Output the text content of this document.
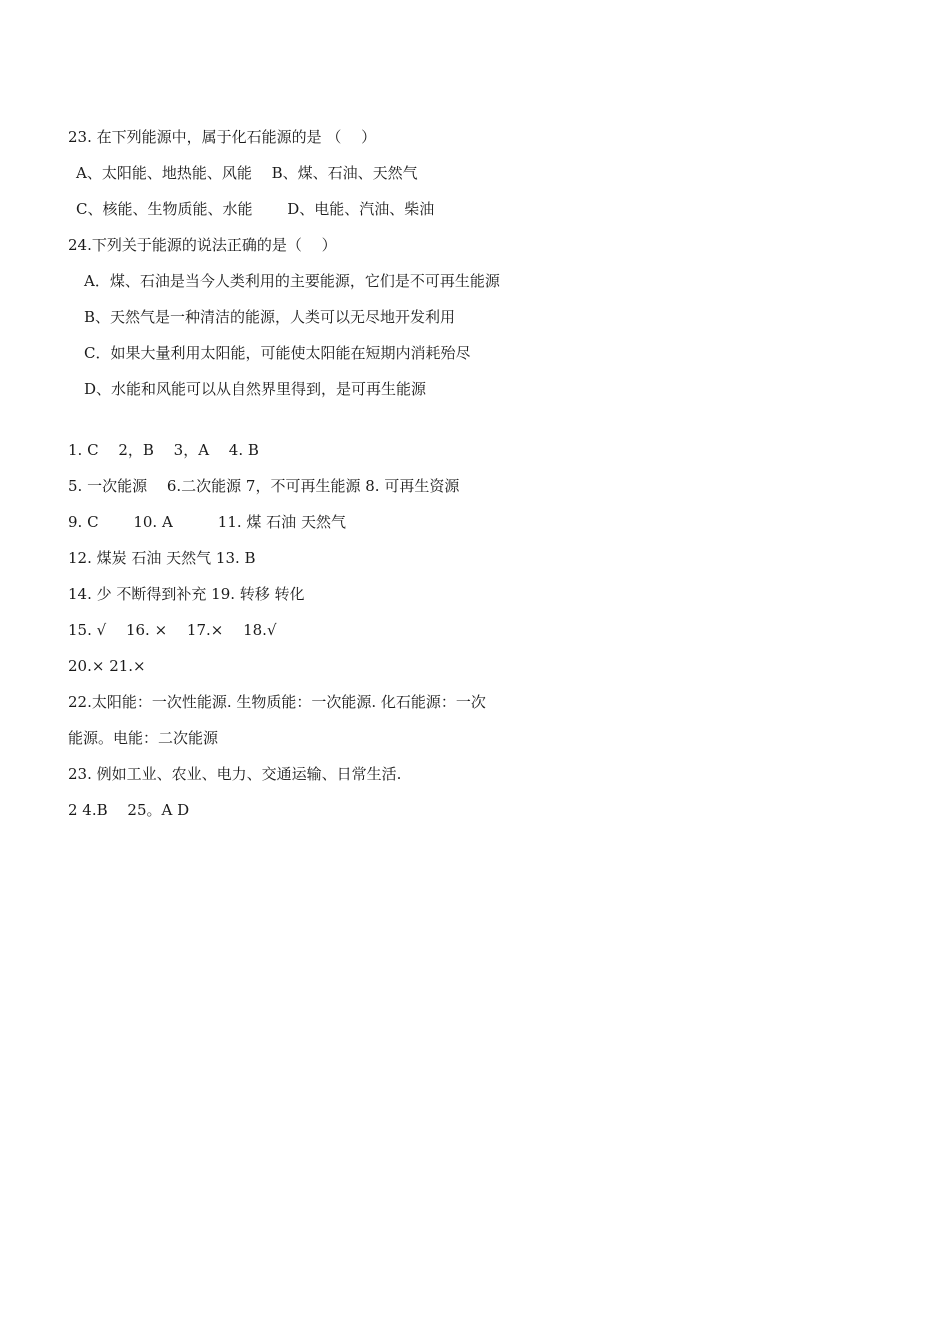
23. 在下列能源中，属于化石能源的是 （　 ）
A、太阳能、地热能、风能　 B、煤、石油、天然气
C、核能、生物质能、水能　　 D、电能、汽油、柴油
24.下列关于能源的说法正确的是（　 ）
A．煤、石油是当今人类利用的主要能源，它们是不可再生能源
B、天然气是一种清洁的能源，人类可以无尽地开发利用
C．如果大量利用太阳能，可能使太阳能在短期内消耗殆尽
D、水能和风能可以从自然界里得到，是可再生能源
1. C　 2，B　 3，A　 4. B
5. 一次能源　 6.二次能源 7，不可再生能源 8. 可再生资源
9. C　　 10. A　　　11. 煤 石油 天然气
12. 煤炭 石油 天然气 13. B
14. 少 不断得到补充 19. 转移 转化
15. √　 16. ×　 17.×　 18.√
20.× 21.×
22.太阳能：一次性能源. 生物质能：一次能源. 化石能源：一次
能源。电能：二次能源
23. 例如工业、农业、电力、交通运输、日常生活.
2 4.B　 25。A D
